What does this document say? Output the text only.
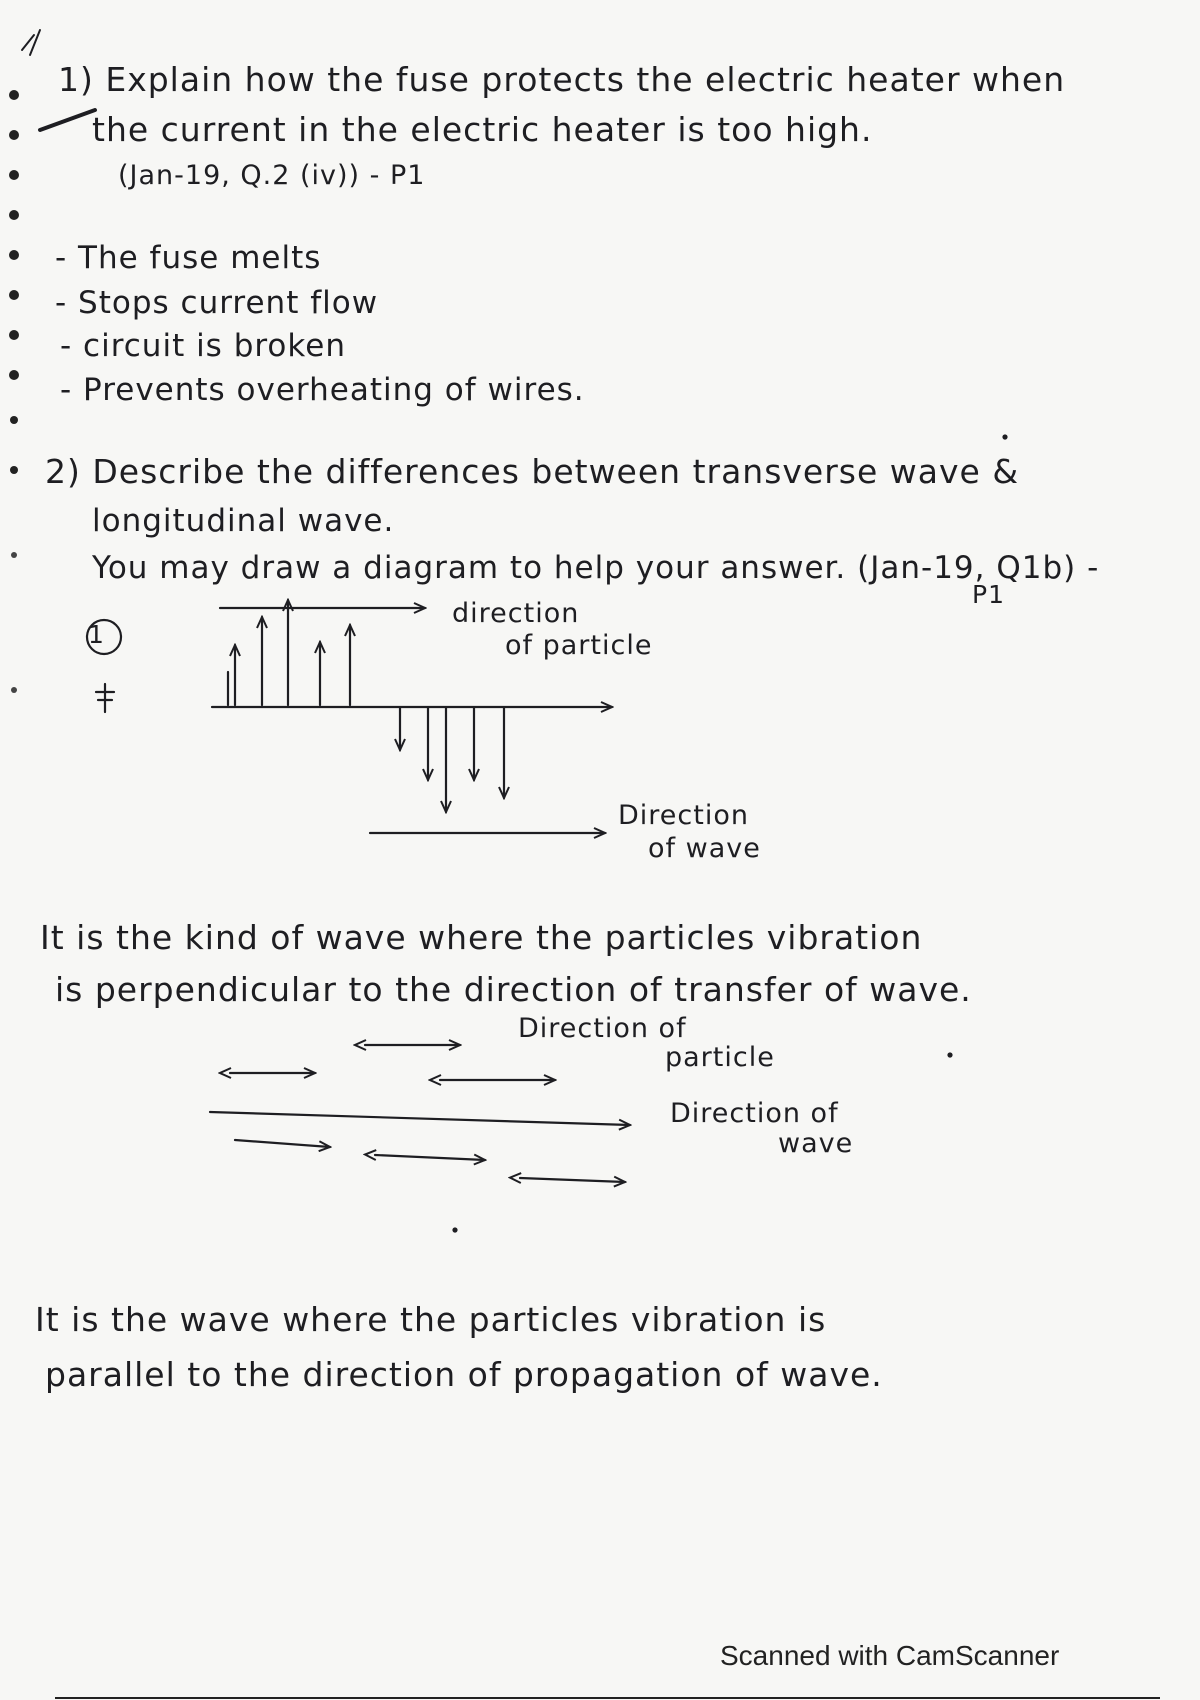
1) Explain how the fuse protects the electric heater when
the current in the electric heater is too high.
(Jan-19, Q.2 (iv)) - P1
- The fuse melts
- Stops current flow
- circuit is broken
- Prevents overheating of wires.
2) Describe the differences between transverse wave &
longitudinal wave.
You may draw a diagram to help your answer. (Jan-19, Q1b) -
P1
1
direction
of particle
Direction
of wave
It is the kind of wave where the particles vibration
is perpendicular to the direction of transfer of wave.
Direction of
particle
Direction of
wave
It is the wave where the particles vibration is
parallel to the direction of propagation of wave.
Scanned with CamScanner
